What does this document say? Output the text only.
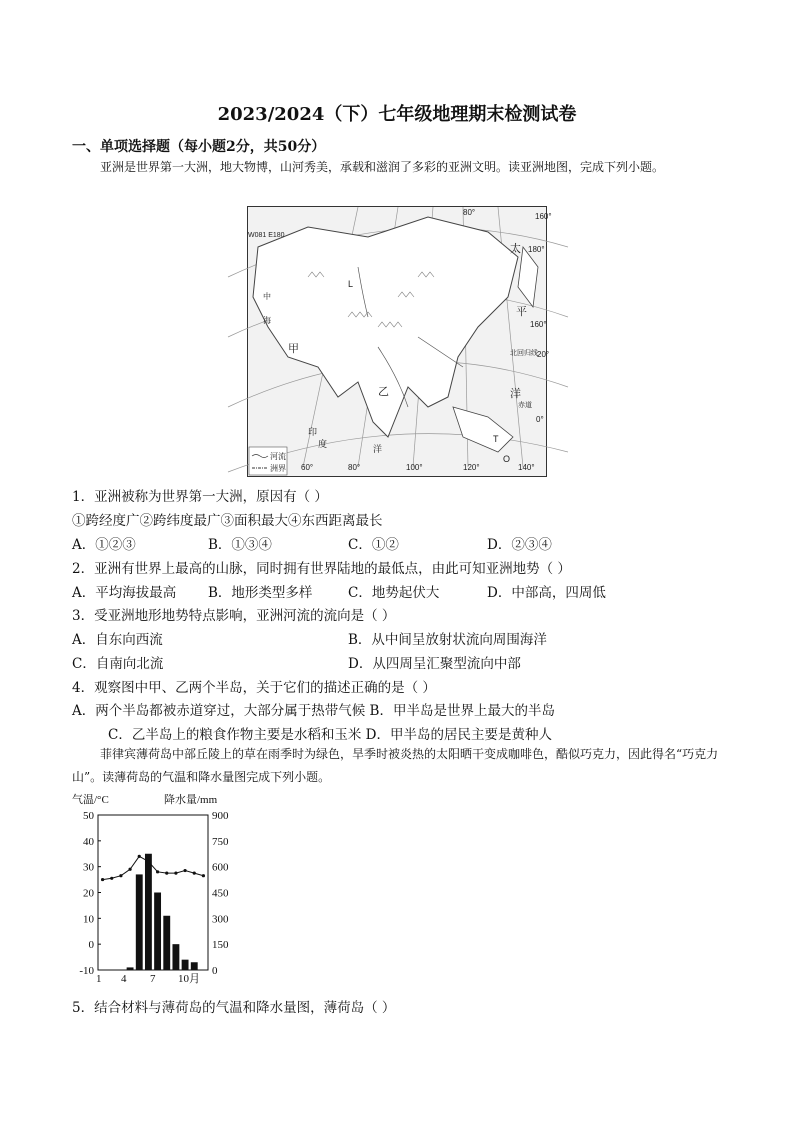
2023/2024（下）七年级地理期末检测试卷
一、单项选择题（每小题2分，共50分）
亚洲是世界第一大洲，地大物博，山河秀美，承载和滋润了多彩的亚洲文明。读亚洲地图，完成下列小题。
60°	80°	100°	120°	140°
160°
80°
20°
0°
180°
160°
北回归线
赤道
W081 E180
太
平
洋
印
度	洋
甲
乙
中
海
T
O
L
河流
洲界
1．亚洲被称为世界第一大洲，原因有（ ）
①跨经度广②跨纬度最广③面积最大④东西距离最长
A．①②③	B．①③④	C．①②	D．②③④
2．亚洲有世界上最高的山脉，同时拥有世界陆地的最低点，由此可知亚洲地势（ ）
A．平均海拔最高 B．地形类型多样	C．地势起伏大	D．中部高，四周低
3．受亚洲地形地势特点影响，亚洲河流的流向是（ ）
A．自东向西流	B．从中间呈放射状流向周围海洋
C．自南向北流	D．从四周呈汇聚型流向中部
4．观察图中甲、乙两个半岛，关于它们的描述正确的是（ ）
A．两个半岛都被赤道穿过，大部分属于热带气候 B．甲半岛是世界上最大的半岛
C．乙半岛上的粮食作物主要是水稻和玉米 D．甲半岛的居民主要是黄种人
菲律宾薄荷岛中部丘陵上的草在雨季时为绿色，旱季时被炎热的太阳晒干变成咖啡色，酷似巧克力，因此得名“巧克力山”。读薄荷岛的气温和降水量图完成下列小题。
气温/°C	降水量/mm
50
40
30
20
10
0
-10
900
750
600
450
300
150
0
1 4 7 10月
5．结合材料与薄荷岛的气温和降水量图，薄荷岛（ ）
